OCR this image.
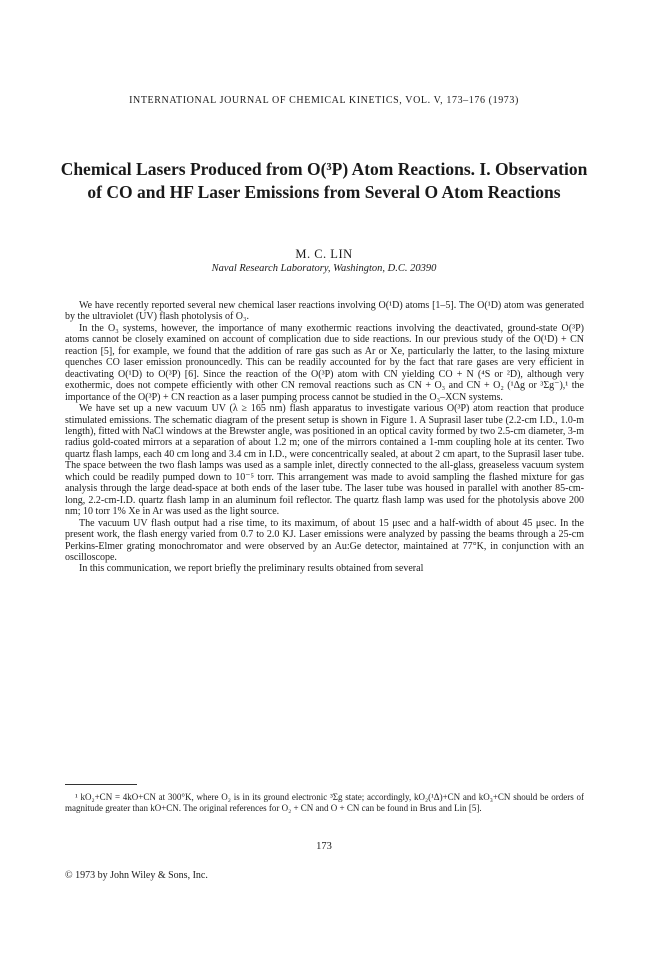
INTERNATIONAL JOURNAL OF CHEMICAL KINETICS, VOL. V, 173–176 (1973)
Chemical Lasers Produced from O(³P) Atom Reactions. I. Observation of CO and HF Laser Emissions from Several O Atom Reactions
M. C. LIN
Naval Research Laboratory, Washington, D.C. 20390

We have recently reported several new chemical laser reactions involving O(¹D) atoms [1–5]. The O(¹D) atom was generated by the ultraviolet (UV) flash photolysis of O₃.

In the O₃ systems, however, the importance of many exothermic reactions involving the deactivated, ground-state O(³P) atoms cannot be closely examined on account of complication due to side reactions. In our previous study of the O(¹D) + CN reaction [5], for example, we found that the addition of rare gas such as Ar or Xe, particularly the latter, to the lasing mixture quenches CO laser emission pronouncedly. This can be readily accounted for by the fact that rare gases are very efficient in deactivating O(¹D) to O(³P) [6]. Since the reaction of the O(³P) atom with CN yielding CO + N (⁴S or ²D), although very exothermic, does not compete efficiently with other CN removal reactions such as CN + O₃ and CN + O₂ (¹Δg or ³Σg⁻),¹ the importance of the O(³P) + CN reaction as a laser pumping process cannot be studied in the O₃–XCN systems.

We have set up a new vacuum UV (λ ≥ 165 nm) flash apparatus to investigate various O(³P) atom reaction that produce stimulated emissions. The schematic diagram of the present setup is shown in Figure 1. A Suprasil laser tube (2.2-cm I.D., 1.0-m length), fitted with NaCl windows at the Brewster angle, was positioned in an optical cavity formed by two 2.5-cm diameter, 3-m radius gold-coated mirrors at a separation of about 1.2 m; one of the mirrors contained a 1-mm coupling hole at its center. Two quartz flash lamps, each 40 cm long and 3.4 cm in I.D., were concentrically sealed, at about 2 cm apart, to the Suprasil laser tube. The space between the two flash lamps was used as a sample inlet, directly connected to the all-glass, greaseless vacuum system which could be readily pumped down to 10⁻⁵ torr. This arrangement was made to avoid sampling the flashed mixture for gas analysis through the large dead-space at both ends of the laser tube. The laser tube was housed in parallel with another 85-cm-long, 2.2-cm-I.D. quartz flash lamp in an aluminum foil reflector. The quartz flash lamp was used for the photolysis above 200 nm; 10 torr 1% Xe in Ar was used as the light source.

The vacuum UV flash output had a rise time, to its maximum, of about 15 μsec and a half-width of about 45 μsec. In the present work, the flash energy varied from 0.7 to 2.0 KJ. Laser emissions were analyzed by passing the beams through a 25-cm Perkins-Elmer grating monochromator and were observed by an Au:Ge detector, maintained at 77°K, in conjunction with an oscilloscope.

In this communication, we report briefly the preliminary results obtained from several

¹ kO₂+CN = 4kO+CN at 300°K, where O₂ is in its ground electronic ³Σg state; accordingly, kO₂(¹Δ)+CN and kO₃+CN should be orders of magnitude greater than kO+CN. The original references for O₂ + CN and O + CN can be found in Brus and Lin [5].

173
© 1973 by John Wiley & Sons, Inc.
